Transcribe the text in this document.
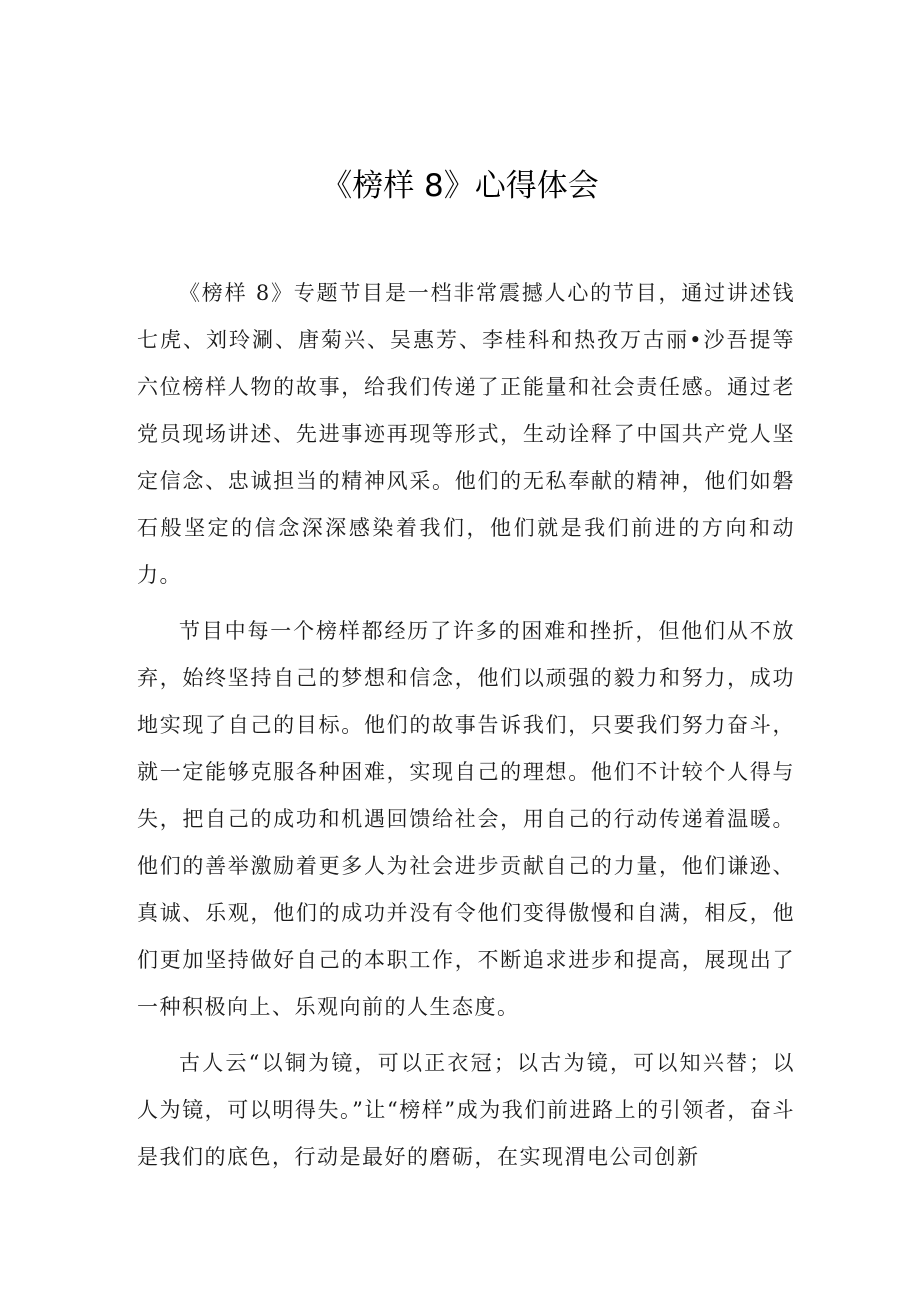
《榜样 8》心得体会

《榜样 8》专题节目是一档非常震撼人心的节目，通过讲述钱七虎、刘玲涮、唐菊兴、吴惠芳、李桂科和热孜万古丽•沙吾提等六位榜样人物的故事，给我们传递了正能量和社会责任感。通过老党员现场讲述、先进事迹再现等形式，生动诠释了中国共产党人坚定信念、忠诚担当的精神风采。他们的无私奉献的精神，他们如磐石般坚定的信念深深感染着我们，他们就是我们前进的方向和动力。

节目中每一个榜样都经历了许多的困难和挫折，但他们从不放弃，始终坚持自己的梦想和信念，他们以顽强的毅力和努力，成功地实现了自己的目标。他们的故事告诉我们，只要我们努力奋斗，就一定能够克服各种困难，实现自己的理想。他们不计较个人得与失，把自己的成功和机遇回馈给社会，用自己的行动传递着温暖。他们的善举激励着更多人为社会进步贡献自己的力量，他们谦逊、真诚、乐观，他们的成功并没有令他们变得傲慢和自满，相反，他们更加坚持做好自己的本职工作，不断追求进步和提高，展现出了一种积极向上、乐观向前的人生态度。

古人云“以铜为镜，可以正衣冠；以古为镜，可以知兴替；以人为镜，可以明得失。”让“榜样”成为我们前进路上的引领者，奋斗是我们的底色，行动是最好的磨砺，在实现渭电公司创新
